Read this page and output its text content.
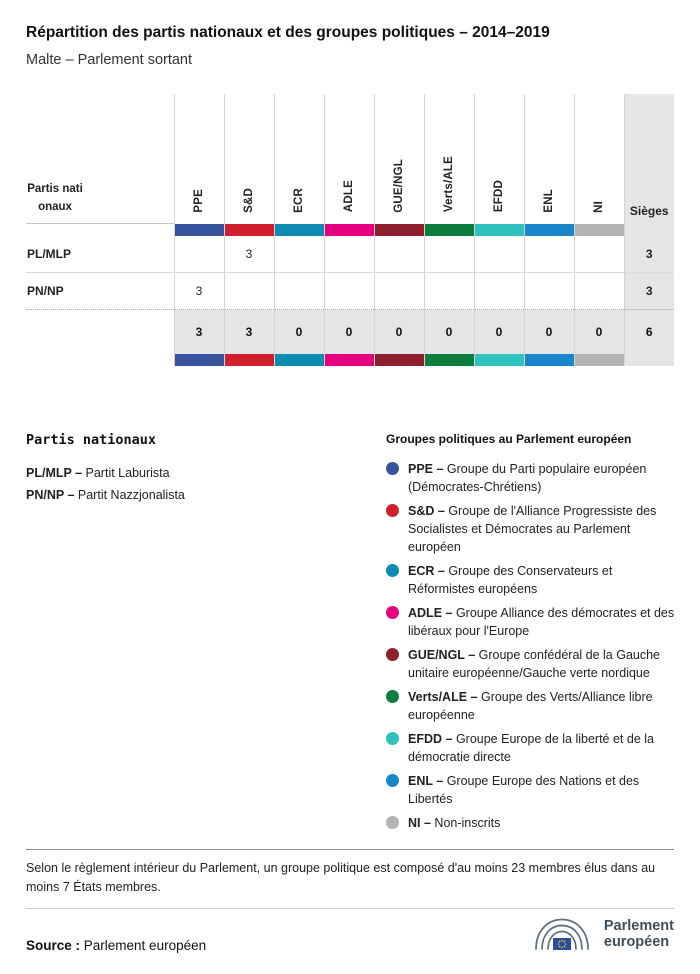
Répartition des partis nationaux et des groupes politiques – 2014–2019
Malte – Parlement sortant
Partis nationaux	PPE	S&D	ECR	ADLE	GUE/NGL	Verts/ALE	EFDD	ENL	NI	Sièges

PL/MLP		3								3
PN/NP	3									3
	3	3	0	0	0	0	0	0	0	6

Partis nationaux
PL/MLP – Partit Laburista
PN/NP – Partit Nazzjonalista
Groupes politiques au Parlement européen
PPE – Groupe du Parti populaire européen (Démocrates-Chrétiens)
S&D – Groupe de l'Alliance Progressiste des Socialistes et Démocrates au Parlement européen
ECR – Groupe des Conservateurs et Réformistes européens
ADLE – Groupe Alliance des démocrates et des libéraux pour l'Europe
GUE/NGL – Groupe confédéral de la Gauche unitaire européenne/Gauche verte nordique
Verts/ALE – Groupe des Verts/Alliance libre européenne
EFDD – Groupe Europe de la liberté et de la démocratie directe
ENL – Groupe Europe des Nations et des Libertés
NI – Non-inscrits
Selon le règlement intérieur du Parlement, un groupe politique est composé d'au moins 23 membres élus dans au moins 7 États membres.
Source : Parlement européen
Parlement
européen
